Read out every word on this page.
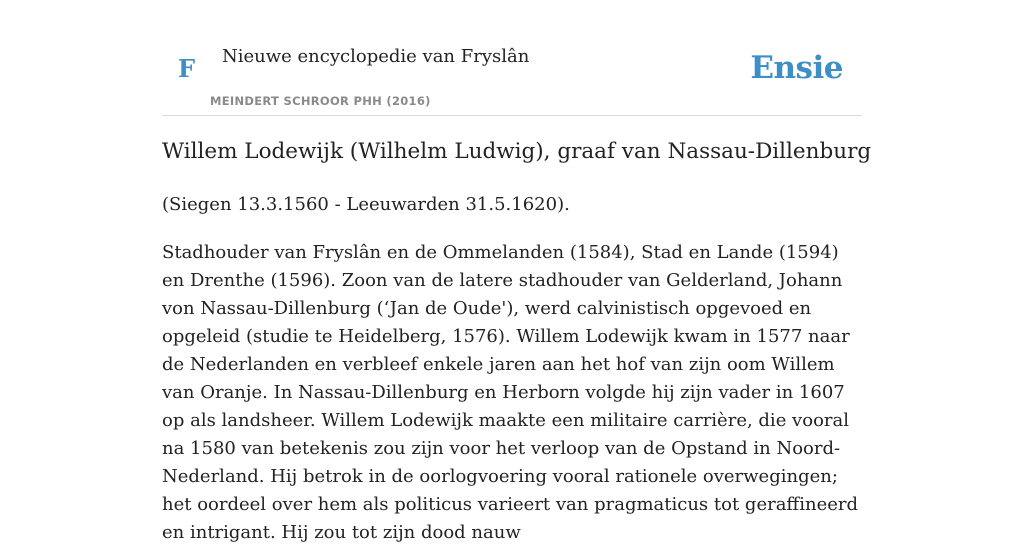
F Nieuwe encyclopedie van Fryslân
MEINDERT SCHROOR PHH (2016)
Ensie
Willem Lodewijk (Wilhelm Ludwig), graaf van Nassau-Dillenburg

(Siegen 13.3.1560 - Leeuwarden 31.5.1620).

Stadhouder van Fryslân en de Ommelanden (1584), Stad en Lande (1594) en Drenthe (1596). Zoon van de latere stadhouder van Gelderland, Johann von Nassau-Dillenburg (‘Jan de Oude'), werd calvinistisch opgevoed en opgeleid (studie te Heidelberg, 1576). Willem Lodewijk kwam in 1577 naar de Nederlanden en verbleef enkele jaren aan het hof van zijn oom Willem van Oranje. In Nassau-Dillenburg en Herborn volgde hij zijn vader in 1607 op als landsheer. Willem Lodewijk maakte een militaire carrière, die vooral na 1580 van betekenis zou zijn voor het verloop van de Opstand in Noord-Nederland. Hij betrok in de oorlogvoering vooral rationele overwegingen; het oordeel over hem als politicus varieert van pragmaticus tot geraffineerd en intrigant. Hij zou tot zijn dood nauw
